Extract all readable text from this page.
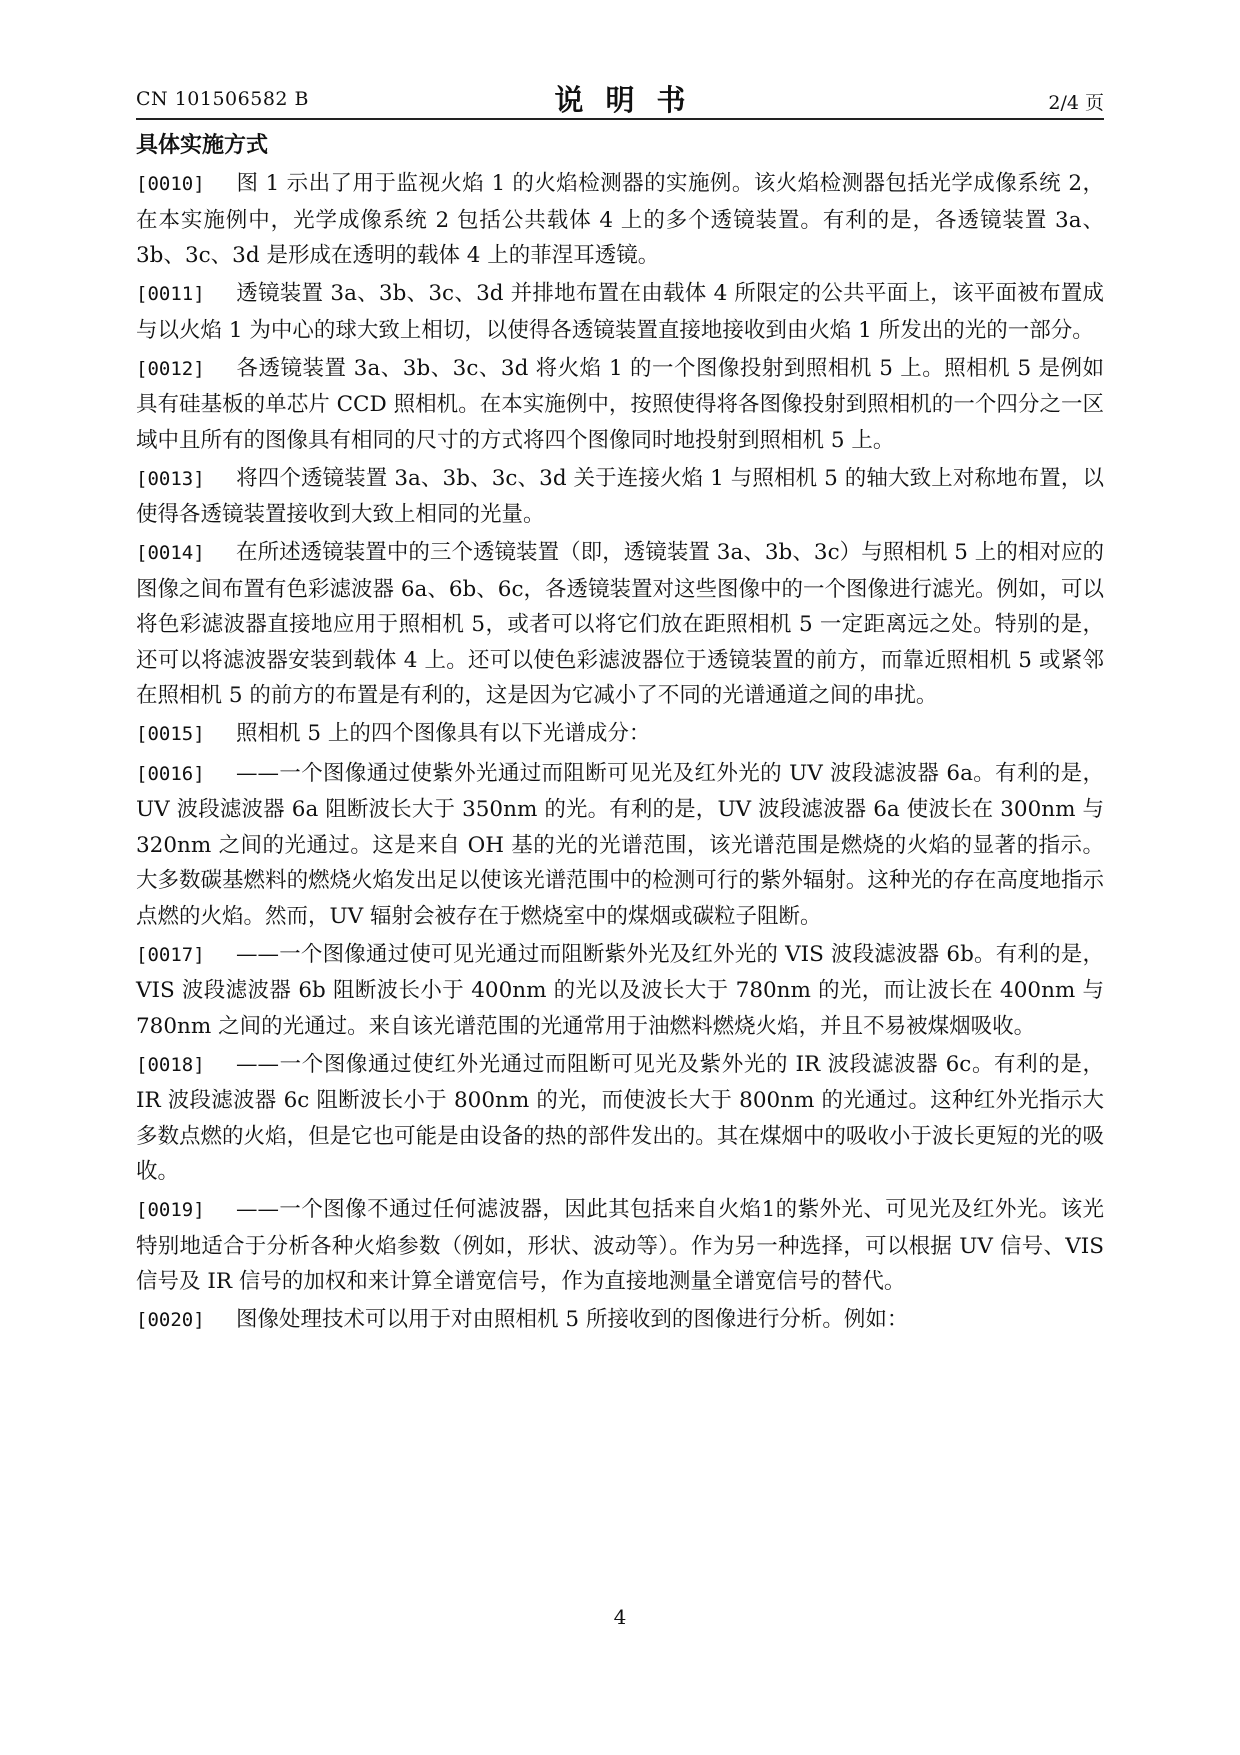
CN 101506582 B	说明书	2/4 页
具体实施方式

[0010] 图 1 示出了用于监视火焰 1 的火焰检测器的实施例。该火焰检测器包括光学成像系统 2，在本实施例中，光学成像系统 2 包括公共载体 4 上的多个透镜装置。有利的是，各透镜装置 3a、3b、3c、3d 是形成在透明的载体 4 上的菲涅耳透镜。

[0011] 透镜装置 3a、3b、3c、3d 并排地布置在由载体 4 所限定的公共平面上，该平面被布置成与以火焰 1 为中心的球大致上相切，以使得各透镜装置直接地接收到由火焰 1 所发出的光的一部分。

[0012] 各透镜装置 3a、3b、3c、3d 将火焰 1 的一个图像投射到照相机 5 上。照相机 5 是例如具有硅基板的单芯片 CCD 照相机。在本实施例中，按照使得将各图像投射到照相机的一个四分之一区域中且所有的图像具有相同的尺寸的方式将四个图像同时地投射到照相机 5 上。

[0013] 将四个透镜装置 3a、3b、3c、3d 关于连接火焰 1 与照相机 5 的轴大致上对称地布置，以使得各透镜装置接收到大致上相同的光量。

[0014] 在所述透镜装置中的三个透镜装置（即，透镜装置 3a、3b、3c）与照相机 5 上的相对应的图像之间布置有色彩滤波器 6a、6b、6c，各透镜装置对这些图像中的一个图像进行滤光。例如，可以将色彩滤波器直接地应用于照相机 5，或者可以将它们放在距照相机 5 一定距离远之处。特别的是，还可以将滤波器安装到载体 4 上。还可以使色彩滤波器位于透镜装置的前方，而靠近照相机 5 或紧邻在照相机 5 的前方的布置是有利的，这是因为它减小了不同的光谱通道之间的串扰。

[0015] 照相机 5 上的四个图像具有以下光谱成分：

[0016] ——一个图像通过使紫外光通过而阻断可见光及红外光的 UV 波段滤波器 6a。有利的是，UV 波段滤波器 6a 阻断波长大于 350nm 的光。有利的是，UV 波段滤波器 6a 使波长在 300nm 与 320nm 之间的光通过。这是来自 OH 基的光的光谱范围，该光谱范围是燃烧的火焰的显著的指示。大多数碳基燃料的燃烧火焰发出足以使该光谱范围中的检测可行的紫外辐射。这种光的存在高度地指示点燃的火焰。然而，UV 辐射会被存在于燃烧室中的煤烟或碳粒子阻断。

[0017] ——一个图像通过使可见光通过而阻断紫外光及红外光的 VIS 波段滤波器 6b。有利的是，VIS 波段滤波器 6b 阻断波长小于 400nm 的光以及波长大于 780nm 的光，而让波长在 400nm 与 780nm 之间的光通过。来自该光谱范围的光通常用于油燃料燃烧火焰，并且不易被煤烟吸收。

[0018] ——一个图像通过使红外光通过而阻断可见光及紫外光的 IR 波段滤波器 6c。有利的是，IR 波段滤波器 6c 阻断波长小于 800nm 的光，而使波长大于 800nm 的光通过。这种红外光指示大多数点燃的火焰，但是它也可能是由设备的热的部件发出的。其在煤烟中的吸收小于波长更短的光的吸收。

[0019] ——一个图像不通过任何滤波器，因此其包括来自火焰1的紫外光、可见光及红外光。该光特别地适合于分析各种火焰参数（例如，形状、波动等）。作为另一种选择，可以根据 UV 信号、VIS 信号及 IR 信号的加权和来计算全谱宽信号，作为直接地测量全谱宽信号的替代。

[0020] 图像处理技术可以用于对由照相机 5 所接收到的图像进行分析。例如：

4
